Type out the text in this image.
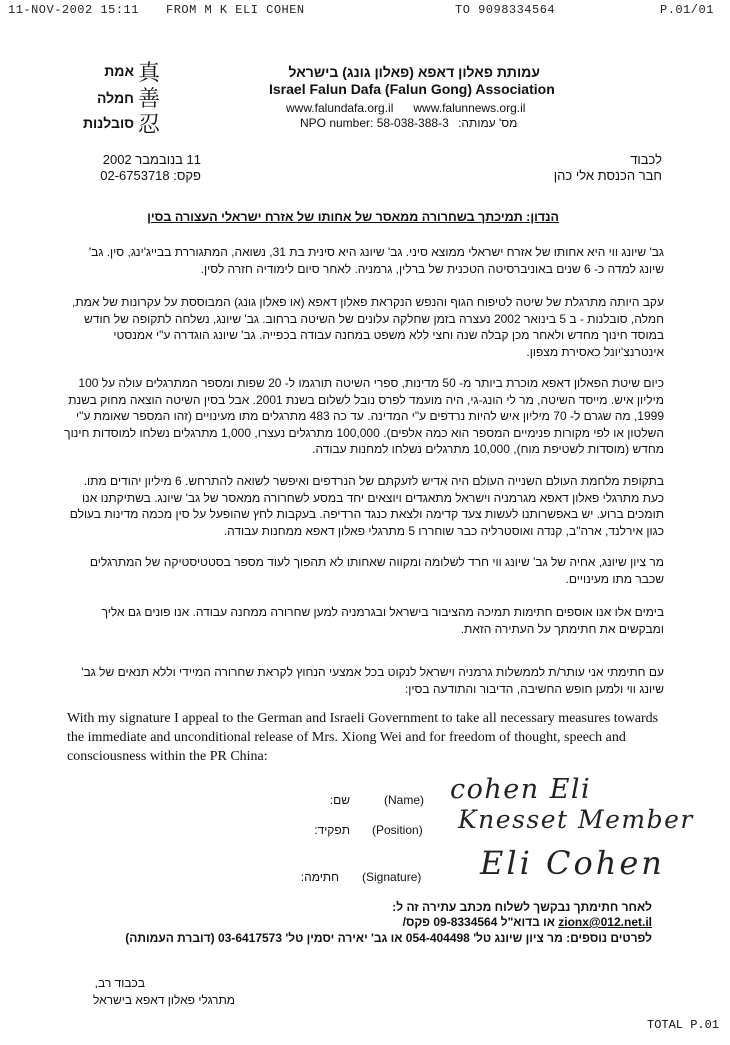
11-NOV-2002 15:11 FROM M K ELI COHEN	TO 9098334564	P.01/01
אמת
חמלה
סובלנות
真
善
忍
עמותת פאלון דאפא (פאלון גונג) בישראל
Israel Falun Dafa (Falun Gong) Association
www.falundafa.org.il      www.falunnews.org.il
NPO number: 58-038-388-3 מס' עמותה:
לכבוד
חבר הכנסת אלי כהן
11 בנובמבר 2002
פקס: 02-6753718
הנדון: תמיכתך בשחרורה ממאסר של אחותו של אזרח ישראלי העצורה בסין
גב' שיונג ווי היא אחותו של אזרח ישראלי ממוצא סיני. גב' שיונג היא סינית בת 31, נשואה, המתגוררת בבייג'ינג, סין. גב' שיונג למדה כ- 6 שנים באוניברסיטה הטכנית של ברלין, גרמניה. לאחר סיום לימודיה חזרה לסין.
עקב היותה מתרגלת של שיטה לטיפוח הגוף והנפש הנקראת פאלון דאפא (או פאלון גונג) המבוססת על עקרונות של אמת, חמלה, סובלנות - ב 5 בינואר 2002 נעצרה בזמן שחלקה עלונים של השיטה ברחוב. גב' שיונג, נשלחה לתקופה של חודש במוסד חינוך מחדש ולאחר מכן קבלה שנה וחצי ללא משפט במחנה עבודה בכפייה. גב' שיונג הוגדרה ע"י אמנסטי אינטרנצ'יונל כאסירת מצפון.
כיום שיטת הפאלון דאפא מוכרת ביותר מ- 50 מדינות, ספרי השיטה תורגמו ל- 20 שפות ומספר המתרגלים עולה על 100 מיליון איש. מייסד השיטה, מר לי הונג-גי, היה מועמד לפרס נובל לשלום בשנת 2001. אבל בסין השיטה הוצאה מחוק בשנת 1999, מה שגרם ל- 70 מיליון איש להיות נרדפים ע"י המדינה. עד כה 483 מתרגלים מתו מעינויים (זהו המספר שאומת ע"י השלטון או לפי מקורות פנימיים המספר הוא כמה אלפים). 100,000 מתרגלים נעצרו, 1,000 מתרגלים נשלחו למוסדות חינוך מחדש (מוסדות לשטיפת מוח), 10,000 מתרגלים נשלחו למחנות עבודה.
בתקופת מלחמת העולם השנייה העולם היה אדיש לזעקתם של הנרדפים ואיפשר לשואה להתרחש. 6 מיליון יהודים מתו. כעת מתרגלי פאלון דאפא מגרמניה וישראל מתאגדים ויוצאים יחד במסע לשחרורה ממאסר של גב' שיונג. בשתיקתנו אנו תומכים ברוע. יש באפשרותנו לעשות צעד קדימה ולצאת כנגד הרדיפה. בעקבות לחץ שהופעל על סין מכמה מדינות בעולם כגון אירלנד, ארה"ב, קנדה ואוסטרליה כבר שוחררו 5 מתרגלי פאלון דאפא ממחנות עבודה.
מר ציון שיונג, אחיה של גב' שיונג ווי חרד לשלומה ומקווה שאחותו לא תהפוך לעוד מספר בסטטיסטיקה של המתרגלים שכבר מתו מעינויים.
בימים אלו אנו אוספים חתימות תמיכה מהציבור בישראל ובגרמניה למען שחרורה ממחנה עבודה. אנו פונים גם אליך ומבקשים את חתימתך על העתירה הזאת.
עם חתימתי אני עותר/ת לממשלות גרמניה וישראל לנקוט בכל אמצעי הנחוץ לקראת שחרורה המיידי וללא תנאים של גב' שיונג ווי ולמען חופש החשיבה, הדיבור והתודעה בסין:
With my signature I appeal to the German and Israeli Government to take all necessary measures towards the immediate and unconditional release of Mrs. Xiong Wei and for freedom of thought, speech and consciousness within the PR China:
שם:	(Name) cohen Eli
תפקיד: (Position) Knesset Member
חתימה: (Signature) Eli Cohen
לאחר חתימתך נבקשך לשלוח מכתב עתירה זה ל:
zionx@012.net.il או בדוא"ל 09-8334564 פקס/
לפרטים נוספים: מר ציון שיונג טל' 054-404498 או גב' יאירה יסמין טל' 03-6417573 (דוברת העמותה)
בכבוד רב,
מתרגלי פאלון דאפא בישראל
TOTAL P.01
